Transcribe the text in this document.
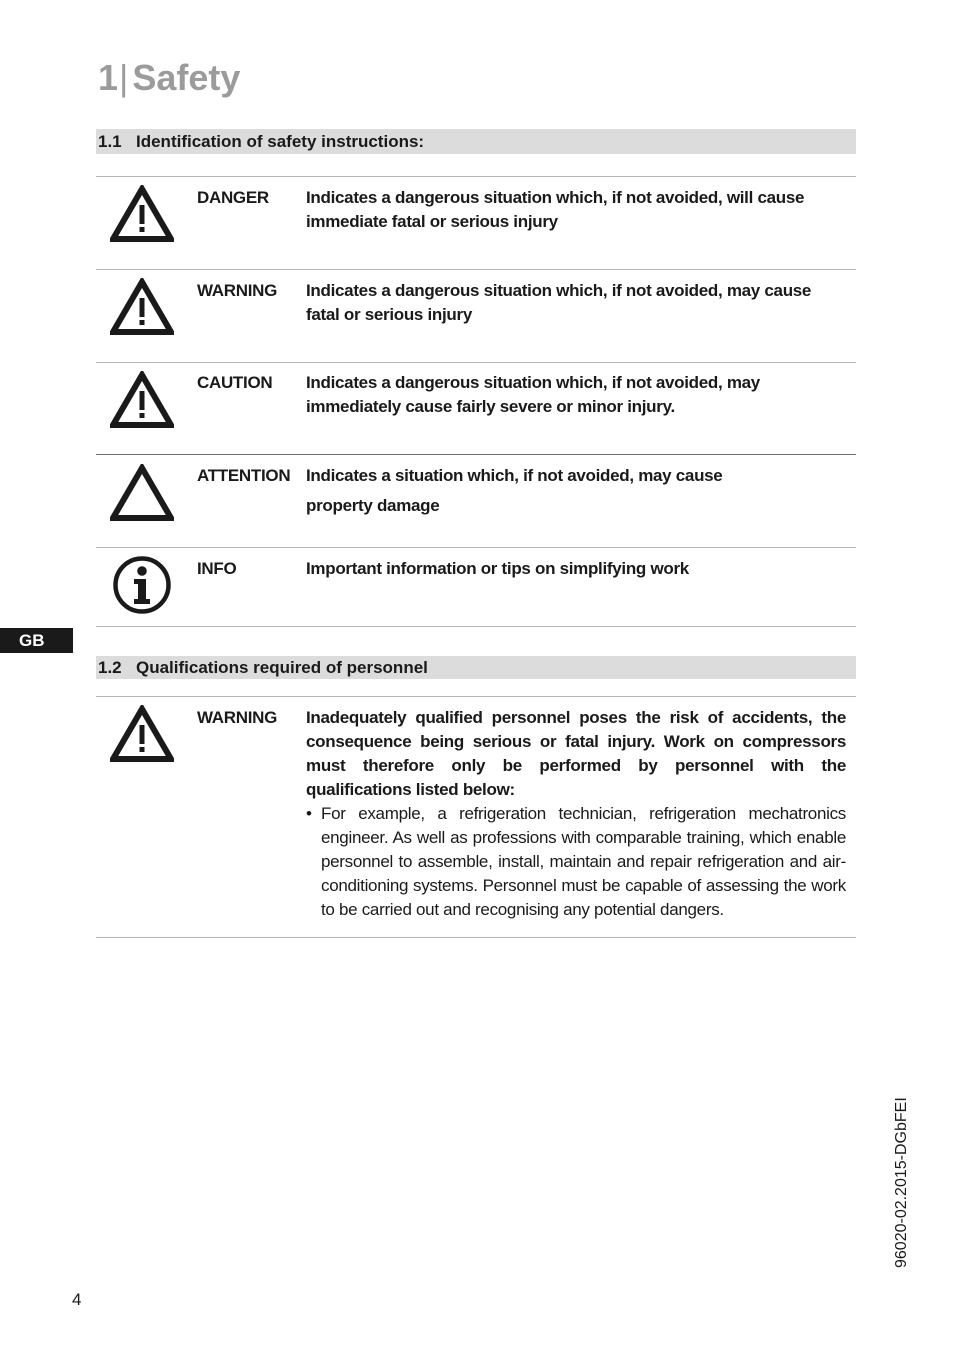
1| Safety
1.1 Identification of safety instructions:
DANGER Indicates a dangerous situation which, if not avoided, will cause
immediate fatal or serious injury
WARNING Indicates a dangerous situation which, if not avoided, may cause
fatal or serious injury
CAUTION Indicates a dangerous situation which, if not avoided, may
immediately cause fairly severe or minor injury.
ATTENTION Indicates a situation which, if not avoided, may cause
property damage
INFO	Important information or tips on simplifying work
GB
1.2 Qualifications required of personnel
WARNING Inadequately qualified personnel poses the risk of accidents, the consequence being serious or fatal injury. Work on compressors must therefore only be performed by personnel with the qualifications listed below:
• For example, a refrigeration technician, refrigeration mechatronics engineer. As well as professions with comparable training, which enable personnel to assemble, install, maintain and repair refrigeration and air-conditioning systems. Personnel must be capable of assessing the work to be carried out and recognising any potential dangers.
4
96020-02.2015-DGbFEI
